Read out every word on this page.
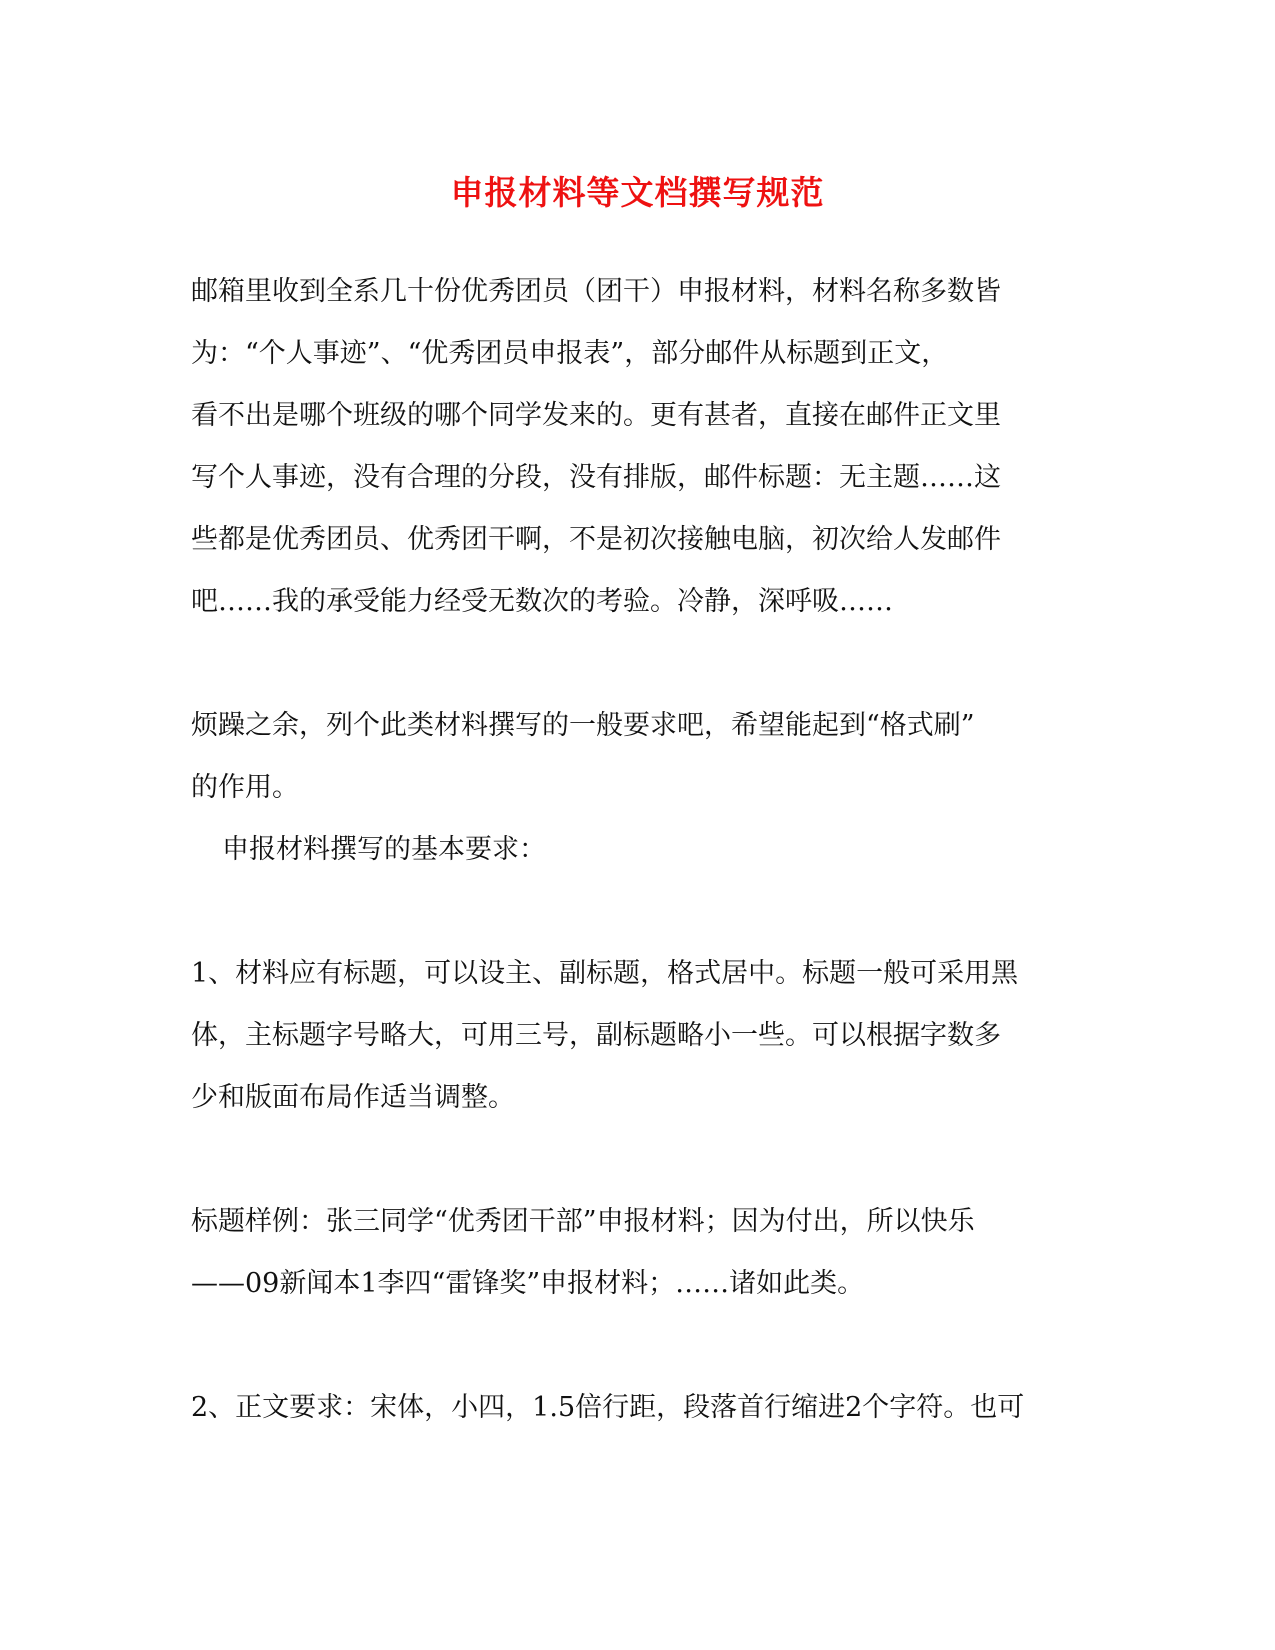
申报材料等文档撰写规范
邮箱里收到全系几十份优秀团员（团干）申报材料，材料名称多数皆
为：“个人事迹”、“优秀团员申报表”，部分邮件从标题到正文，
看不出是哪个班级的哪个同学发来的。更有甚者，直接在邮件正文里
写个人事迹，没有合理的分段，没有排版，邮件标题：无主题……这
些都是优秀团员、优秀团干啊，不是初次接触电脑，初次给人发邮件
吧……我的承受能力经受无数次的考验。冷静，深呼吸……
烦躁之余，列个此类材料撰写的一般要求吧，希望能起到“格式刷”
的作用。
申报材料撰写的基本要求：
1、材料应有标题，可以设主、副标题，格式居中。标题一般可采用黑
体，主标题字号略大，可用三号，副标题略小一些。可以根据字数多
少和版面布局作适当调整。
标题样例：张三同学“优秀团干部”申报材料；因为付出，所以快乐
——09新闻本1李四“雷锋奖”申报材料；……诸如此类。
2、正文要求：宋体，小四，1.5倍行距，段落首行缩进2个字符。也可
